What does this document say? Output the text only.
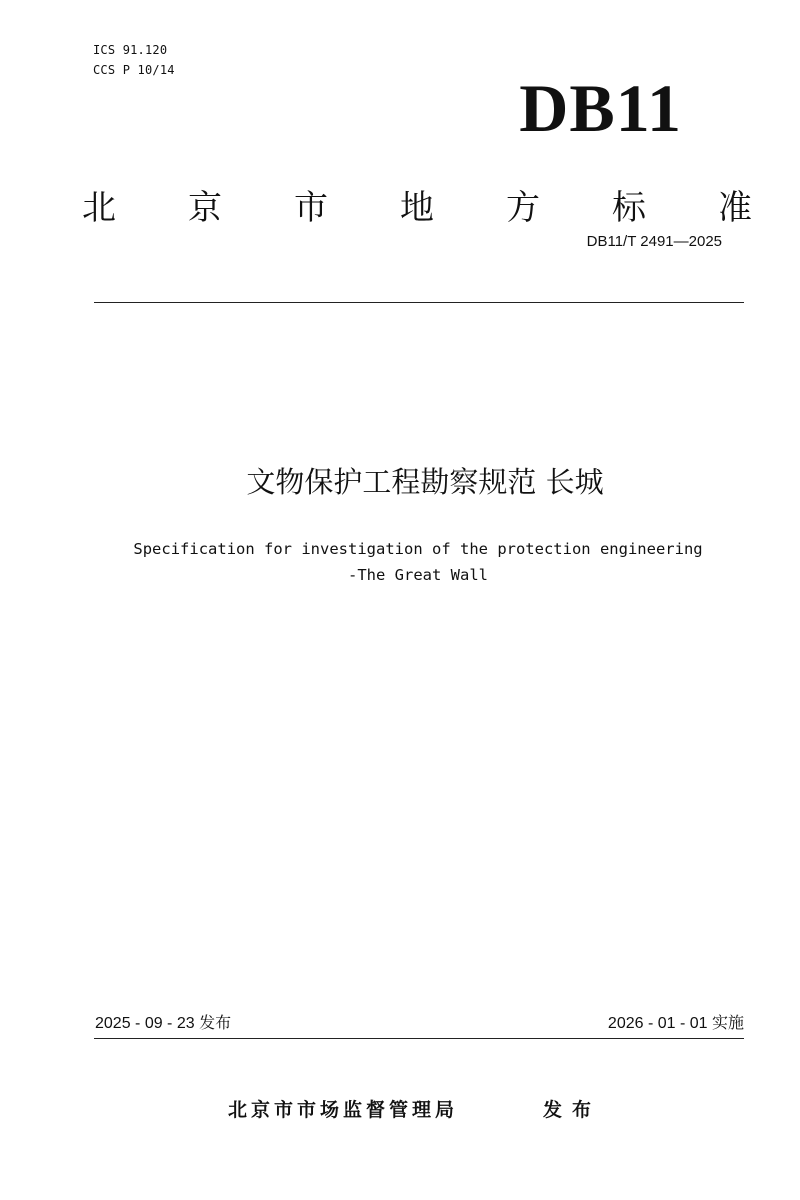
ICS 91.120
CCS P 10/14	DB11
北京市地方标准
DB11/T 2491—2025
文物保护工程勘察规范 长城
Specification for investigation of the protection engineering
-The Great Wall
2025 - 09 - 23 发布	2026 - 01 - 01 实施
北京市市场监督管理局	发布
